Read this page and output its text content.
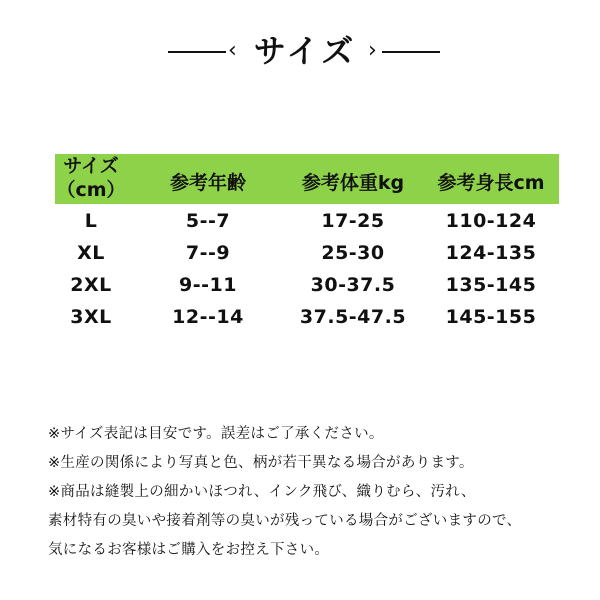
‹ サイズ ›
サイズ
（cm）	参考年齢	参考体重kg	参考身長cm
L	5--7	17-25	110-124
XL	7--9	25-30	124-135
2XL	9--11	30-37.5	135-145
3XL	12--14	37.5-47.5	145-155
※サイズ表記は目安です。誤差はご了承ください。
※生産の関係により写真と色、柄が若干異なる場合があります。
※商品は縫製上の細かいほつれ、インク飛び、織りむら、汚れ、
素材特有の臭いや接着剤等の臭いが残っている場合がございますので、
気になるお客様はご購入をお控え下さい。
